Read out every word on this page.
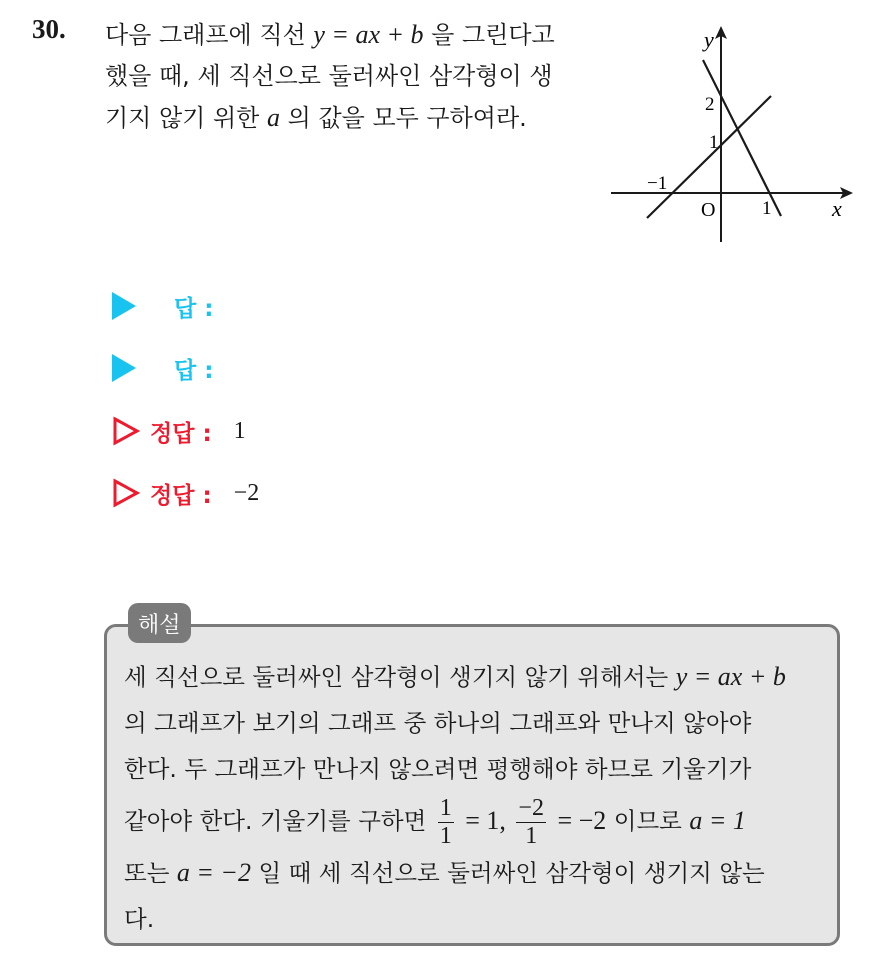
30. 다음 그래프에 직선 y = ax + b 을 그린다고
했을 때, 세 직선으로 둘러싸인 삼각형이 생
기지 않기 위한 a 의 값을 모두 구하여라.
y
x
O
2
1
−1
1
답 :
답 :
정답 : 1
정답 : −2
해설
세 직선으로 둘러싸인 삼각형이 생기지 않기 위해서는 y = ax + b
의 그래프가 보기의 그래프 중 하나의 그래프와 만나지 않아야
한다. 두 그래프가 만나지 않으려면 평행해야 하므로 기울기가
같아야 한다. 기울기를 구하면 $\frac{1}{1} = 1$, $\frac{-2}{1} = -2$ 이므로 a = 1
또는 a = −2 일 때 세 직선으로 둘러싸인 삼각형이 생기지 않는
다.
